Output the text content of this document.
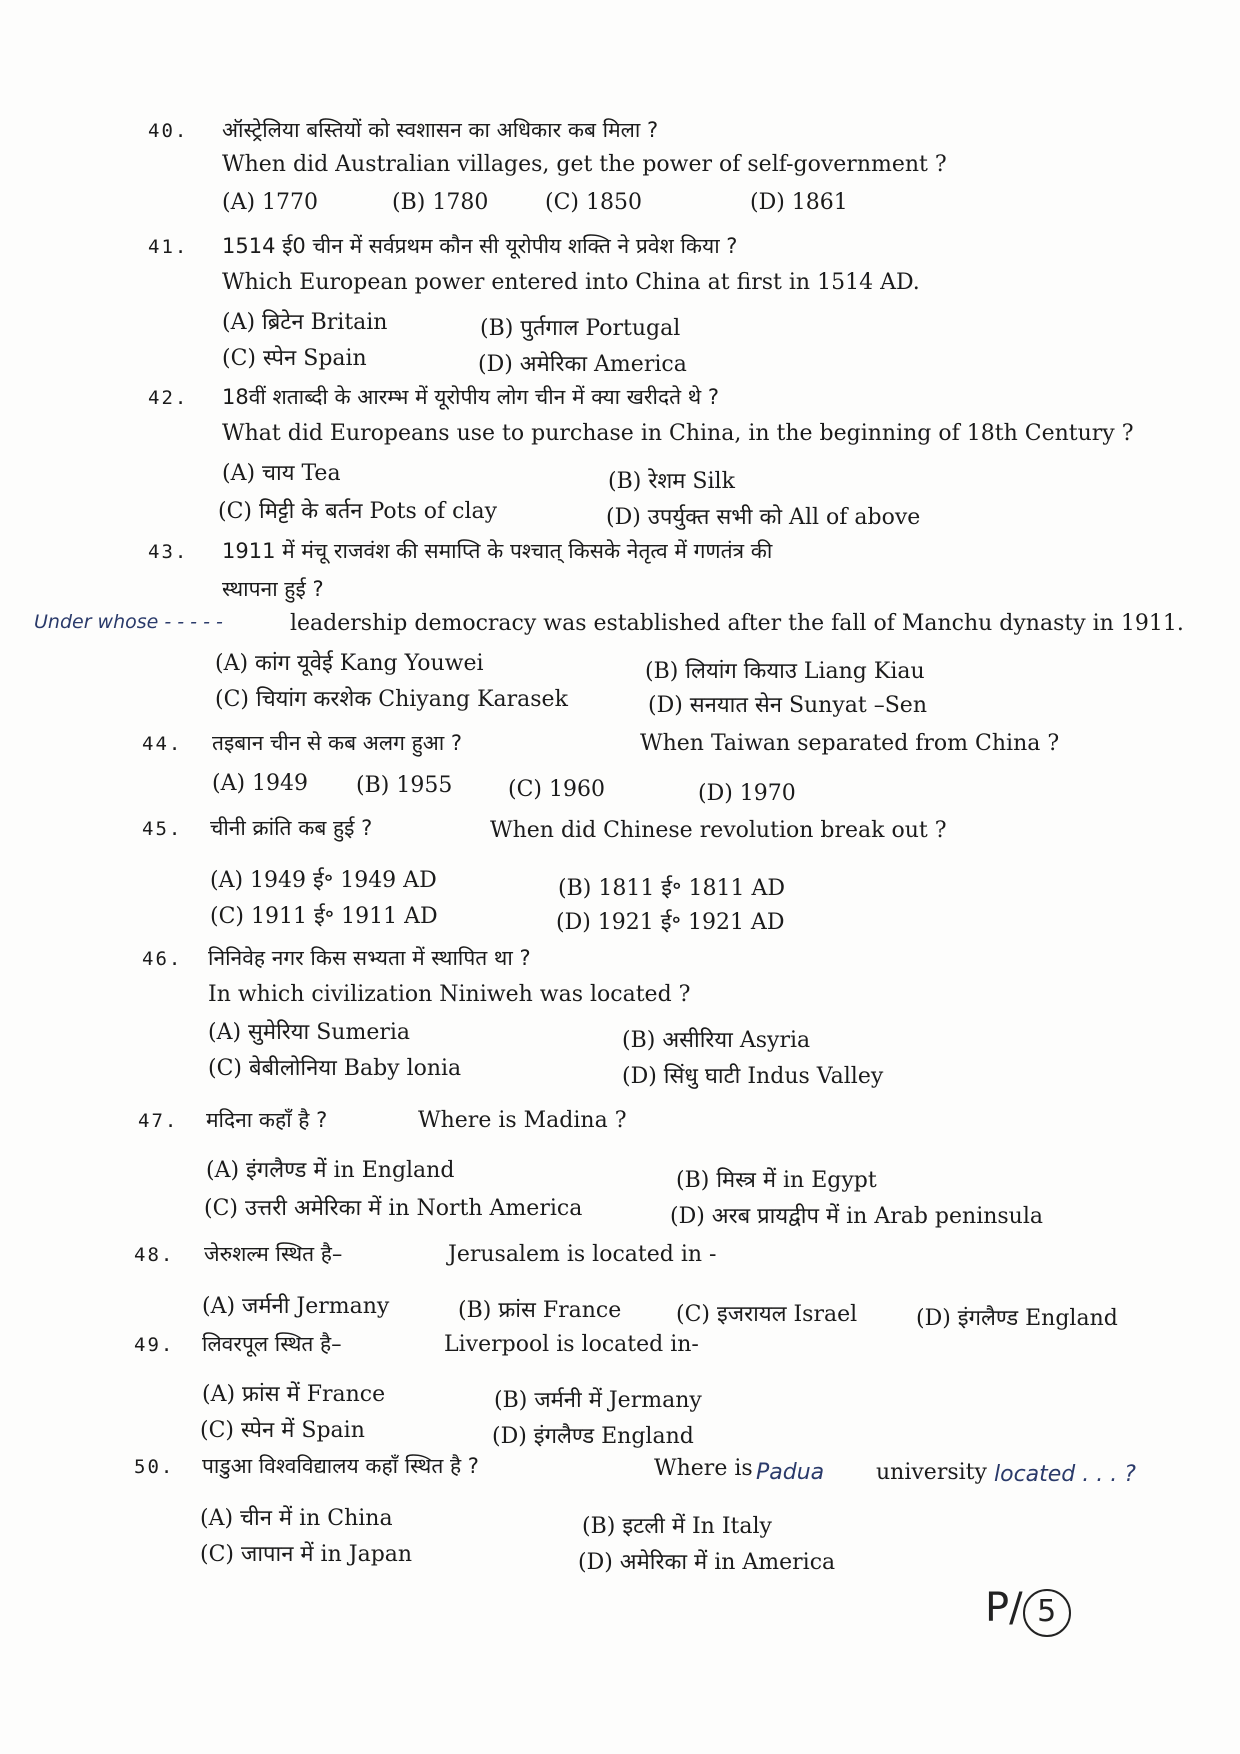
40. ऑस्ट्रेलिया बस्तियों को स्वशासन का अधिकार कब मिला ?
When did Australian villages, get the power of self-government ?
(A) 1770	(B) 1780	(C) 1850	(D) 1861
41. 1514 ई0 चीन में सर्वप्रथम कौन सी यूरोपीय शक्ति ने प्रवेश किया ?
Which European power entered into China at first in 1514 AD.
(A) ब्रिटेन Britain	(B) पुर्तगाल Portugal
(C) स्पेन Spain	(D) अमेरिका America
42. 18वीं शताब्दी के आरम्भ में यूरोपीय लोग चीन में क्या खरीदते थे ?
What did Europeans use to purchase in China, in the beginning of 18th Century ?
(A) चाय Tea	(B) रेशम Silk
(C) मिट्टी के बर्तन Pots of clay	(D) उपर्युक्त सभी को All of above
43. 1911 में मंचू राजवंश की समाप्ति के पश्चात् किसके नेतृत्व में गणतंत्र की
स्थापना हुई ?
Under whose - - - - -	leadership democracy was established after the fall of Manchu dynasty in 1911.
(A) कांग यूवेई Kang Youwei	(B) लियांग कियाउ Liang Kiau
(C) चियांग करशेक Chiyang Karasek	(D) सनयात सेन Sunyat –Sen
44. तइबान चीन से कब अलग हुआ ?	When Taiwan separated from China ?
(A) 1949 (B) 1955	(C) 1960	(D) 1970
45. चीनी क्रांति कब हुई ?	When did Chinese revolution break out ?
(A) 1949 ई॰ 1949 AD	(B) 1811 ई॰ 1811 AD
(C) 1911 ई॰ 1911 AD	(D) 1921 ई॰ 1921 AD
46. निनिवेह नगर किस सभ्यता में स्थापित था ?
In which civilization Niniweh was located ?
(A) सुमेरिया Sumeria	(B) असीरिया Asyria
(C) बेबीलोनिया Baby lonia	(D) सिंधु घाटी Indus Valley
47. मदिना कहाँ है ?	Where is Madina ?
(A) इंगलैण्ड में in England	(B) मिस्त्र में in Egypt
(C) उत्तरी अमेरिका में in North America	(D) अरब प्रायद्वीप में in Arab peninsula
48. जेरुशल्म स्थित है–	Jerusalem is located in -
(A) जर्मनी Jermany	(B) फ्रांस France (C) इजरायल Israel	(D) इंगलैण्ड England
49. लिवरपूल स्थित है–	Liverpool is located in-
(A) फ्रांस में France	(B) जर्मनी में Jermany
(C) स्पेन में Spain	(D) इंगलैण्ड England
50. पाडुआ विश्वविद्यालय कहाँ स्थित है ?	Where is Padua university located . . . ?
(A) चीन में in China	(B) इटली में In Italy
(C) जापान में in Japan	(D) अमेरिका में in America
P/ 5
